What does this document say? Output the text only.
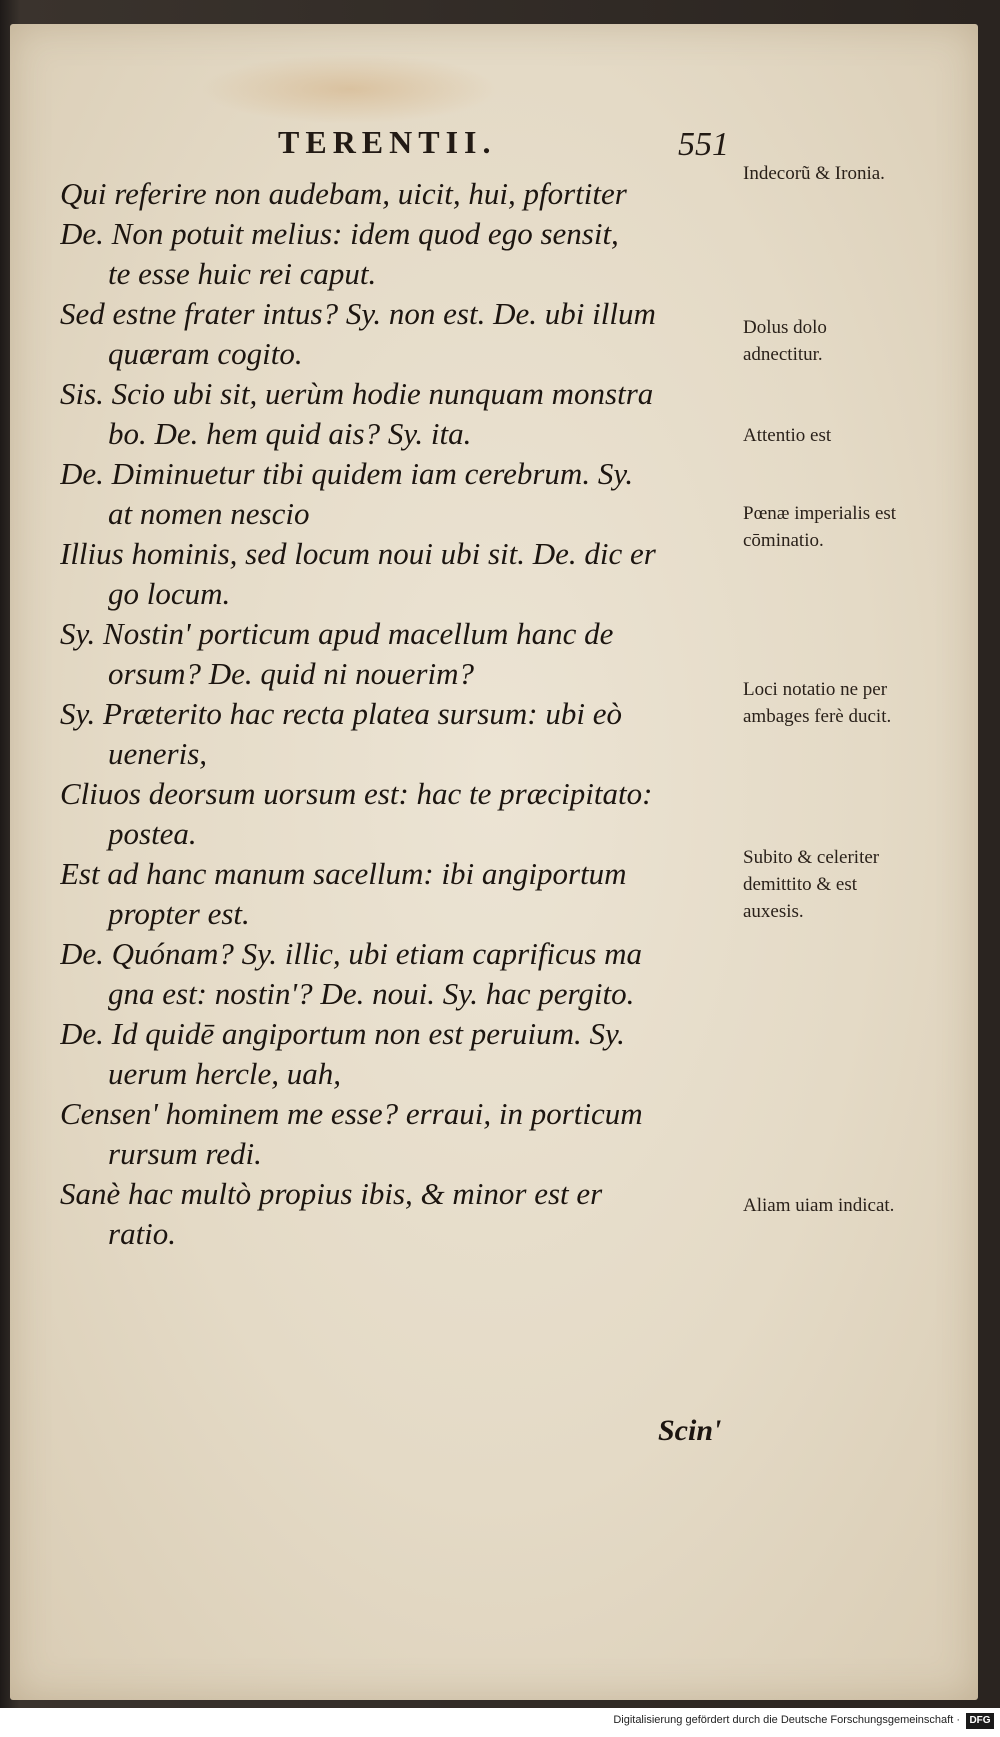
TERENTII.	551
Qui referire non audebam, uicit, hui, pfortiter
De. Non potuit melius: idem quod ego sensit,
te esse huic rei caput.
Sed estne frater intus? Sy. non est. De. ubi illum
quæram cogito.
Sis. Scio ubi sit, uerùm hodie nunquam monstra
bo. De. hem quid ais? Sy. ita.
De. Diminuetur tibi quidem iam cerebrum. Sy.
at nomen nescio
Illius hominis, sed locum noui ubi sit. De. dic er
go locum.
Sy. Nostin' porticum apud macellum hanc de
orsum? De. quid ni nouerim?
Sy. Præterito hac recta platea sursum: ubi eò
ueneris,
Cliuos deorsum uorsum est: hac te præcipitato:
postea.
Est ad hanc manum sacellum: ibi angiportum
propter est.
De. Quónam? Sy. illic, ubi etiam caprificus ma
gna est: nostin'? De. noui. Sy. hac pergito.
De. Id quidē angiportum non est peruium. Sy.
uerum hercle, uah,
Censen' hominem me esse? erraui, in porticum
rursum redi.
Sanè hac multò propius ibis, & minor est er
ratio.
Indecorũ & Ironia.
Dolus dolo adnectitur.
Attentio est
Pœnæ imperialis est cōminatio.
Loci notatio ne per ambages ferè ducit.
Subito & celeriter demittito & est auxesis.
Aliam uiam indicat.
Scin'
Digitalisierung gefördert durch die Deutsche Forschungsgemeinschaft · DFG
